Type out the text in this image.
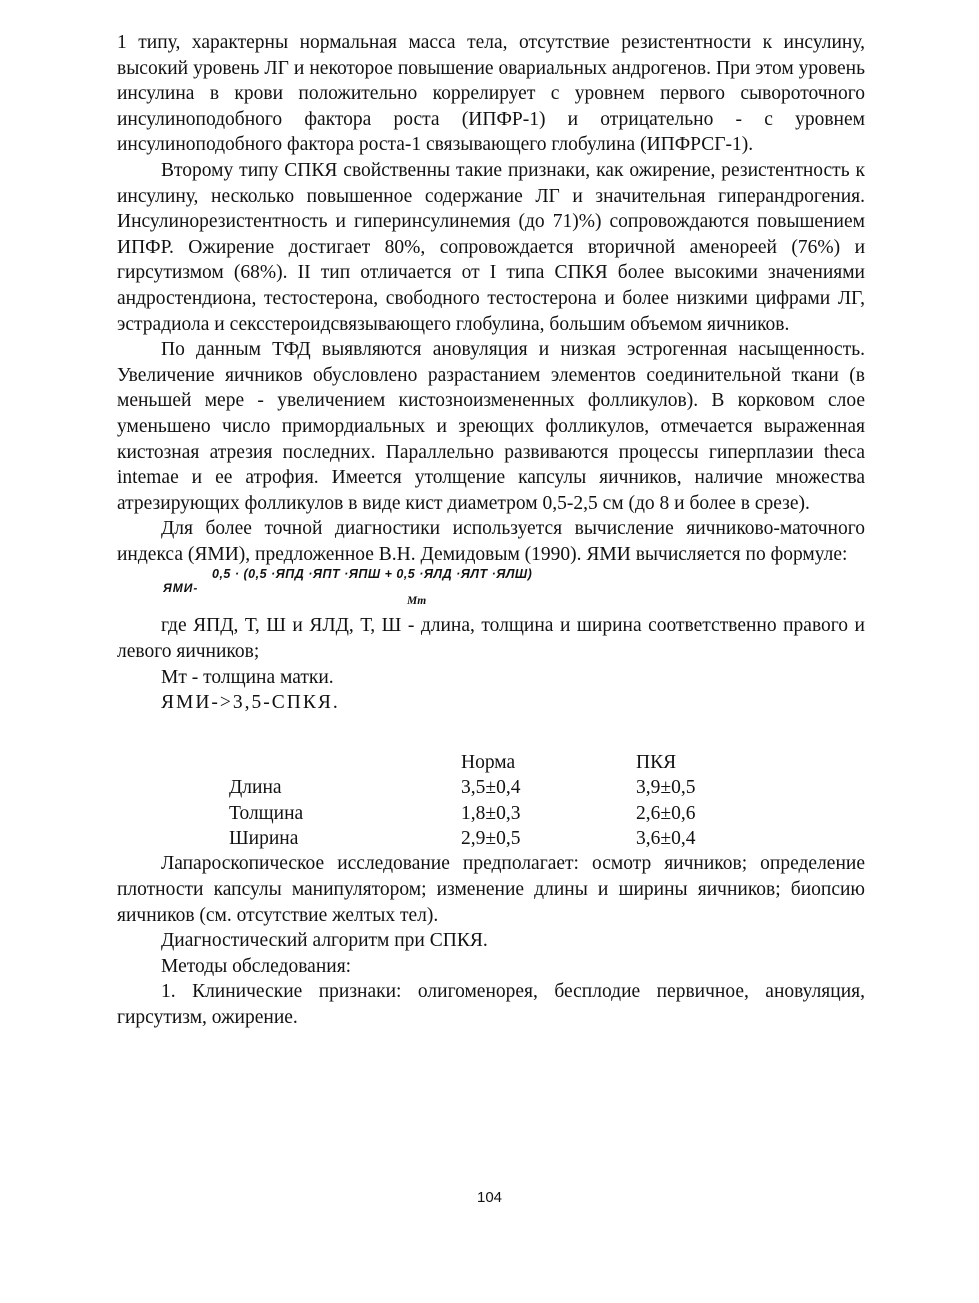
1 типу, характерны нормальная масса тела, отсутствие резистентности к инсулину, высокий уровень ЛГ и некоторое повышение овариальных андрогенов. При этом уровень инсулина в крови положительно коррелирует с уровнем первого сывороточного инсулиноподобного фактора роста (ИПФР-1) и отрицательно - с уровнем инсулиноподобного фактора роста-1 связывающего глобулина (ИПФРСГ-1).

Второму типу СПКЯ свойственны такие признаки, как ожирение, резистентность к инсулину, несколько повышенное содержание ЛГ и значительная гиперандрогения. Инсулинорезистентность и гиперинсулинемия (до 71)%) сопровождаются повышением ИПФР. Ожирение достигает 80%, сопровождается вторичной аменореей (76%) и гирсутизмом (68%). II тип отличается от I типа СПКЯ более высокими значениями андростендиона, тестостерона, свободного тестостерона и более низкими цифрами ЛГ, эстрадиола и сексстероидсвязывающего глобулина, большим объемом яичников.

По данным ТФД выявляются ановуляция и низкая эстрогенная насыщенность. Увеличение яичников обусловлено разрастанием элементов соединительной ткани (в меньшей мере - увеличением кистозноизмененных фолликулов). В корковом слое уменьшено число примордиальных и зреющих фолликулов, отмечается выраженная кистозная атрезия последних. Параллельно развиваются процессы гиперплазии theca intemae и ее атрофия. Имеется утолщение капсулы яичников, наличие множества атрезирующих фолликулов в виде кист диаметром 0,5-2,5 см (до 8 и более в срезе).

Для более точной диагностики используется вычисление яичниково-маточного индекса (ЯМИ), предложенное В.Н. Демидовым (1990). ЯМИ вычисляется по формуле:

0,5 · (0,5 ·ЯПД ·ЯПТ ·ЯПШ + 0,5 ·ЯЛД ·ЯЛТ ·ЯЛШ)
ЯМИ-
Мт

где ЯПД, Т, Ш и ЯЛД, Т, Ш - длина, толщина и ширина соответственно правого и левого яичников;

Мт - толщина матки.

ЯМИ->3,5-СПКЯ.

	Норма	ПКЯ
Длина	3,5±0,4	3,9±0,5
Толщина	1,8±0,3	2,6±0,6
Ширина	2,9±0,5	3,6±0,4

Лапароскопическое исследование предполагает: осмотр яичников; определение плотности капсулы манипулятором; изменение длины и ширины яичников; биопсию яичников (см. отсутствие желтых тел).

Диагностический алгоритм при СПКЯ.

Методы обследования:

1. Клинические признаки: олигоменорея, бесплодие первичное, ановуляция, гирсутизм, ожирение.

104
